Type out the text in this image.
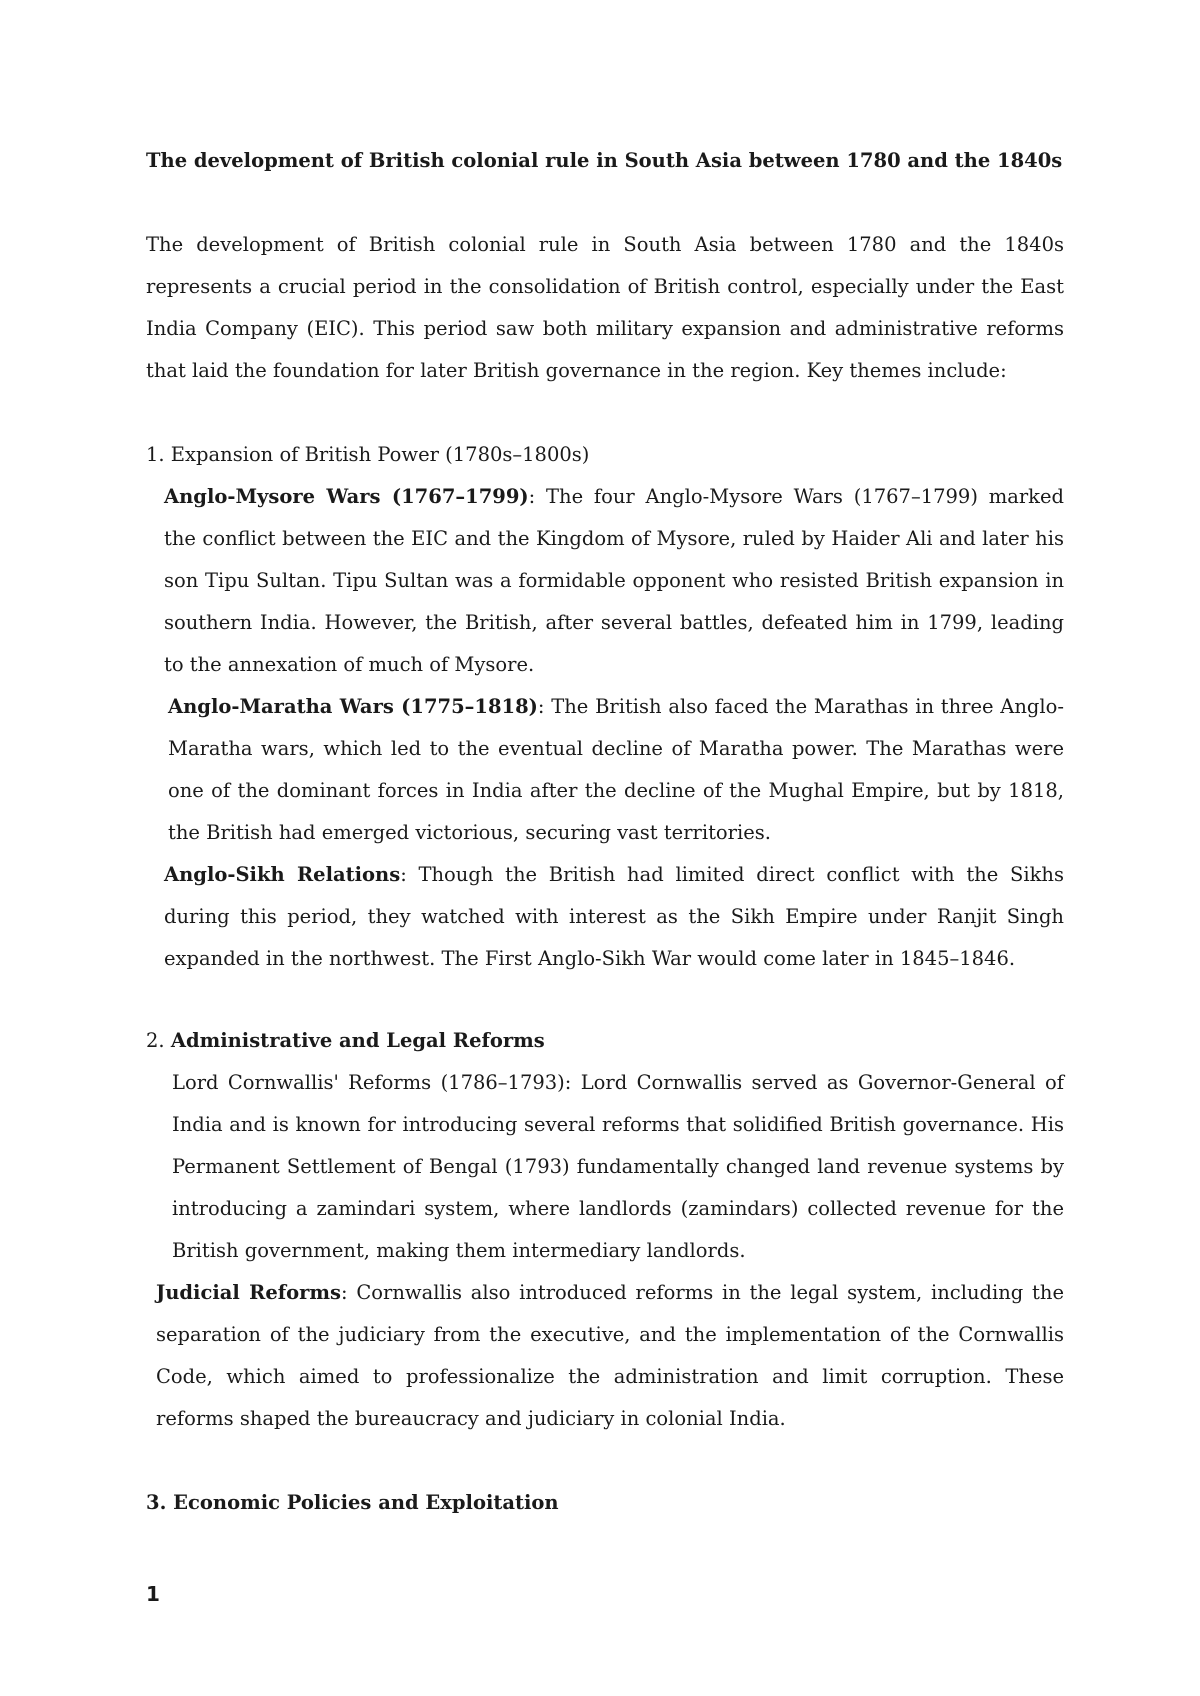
The development of British colonial rule in South Asia between 1780 and the 1840s

The development of British colonial rule in South Asia between 1780 and the 1840s represents a crucial period in the consolidation of British control, especially under the East India Company (EIC). This period saw both military expansion and administrative reforms that laid the foundation for later British governance in the region. Key themes include:

1. Expansion of British Power (1780s–1800s)

Anglo-Mysore Wars (1767–1799): The four Anglo-Mysore Wars (1767–1799) marked the conflict between the EIC and the Kingdom of Mysore, ruled by Haider Ali and later his son Tipu Sultan. Tipu Sultan was a formidable opponent who resisted British expansion in southern India. However, the British, after several battles, defeated him in 1799, leading to the annexation of much of Mysore.

Anglo-Maratha Wars (1775–1818): The British also faced the Marathas in three Anglo-Maratha wars, which led to the eventual decline of Maratha power. The Marathas were one of the dominant forces in India after the decline of the Mughal Empire, but by 1818, the British had emerged victorious, securing vast territories.

Anglo-Sikh Relations: Though the British had limited direct conflict with the Sikhs during this period, they watched with interest as the Sikh Empire under Ranjit Singh expanded in the northwest. The First Anglo-Sikh War would come later in 1845–1846.

2. Administrative and Legal Reforms

Lord Cornwallis' Reforms (1786–1793): Lord Cornwallis served as Governor-General of India and is known for introducing several reforms that solidified British governance. His Permanent Settlement of Bengal (1793) fundamentally changed land revenue systems by introducing a zamindari system, where landlords (zamindars) collected revenue for the British government, making them intermediary landlords.

Judicial Reforms: Cornwallis also introduced reforms in the legal system, including the separation of the judiciary from the executive, and the implementation of the Cornwallis Code, which aimed to professionalize the administration and limit corruption. These reforms shaped the bureaucracy and judiciary in colonial India.

3. Economic Policies and Exploitation

1
